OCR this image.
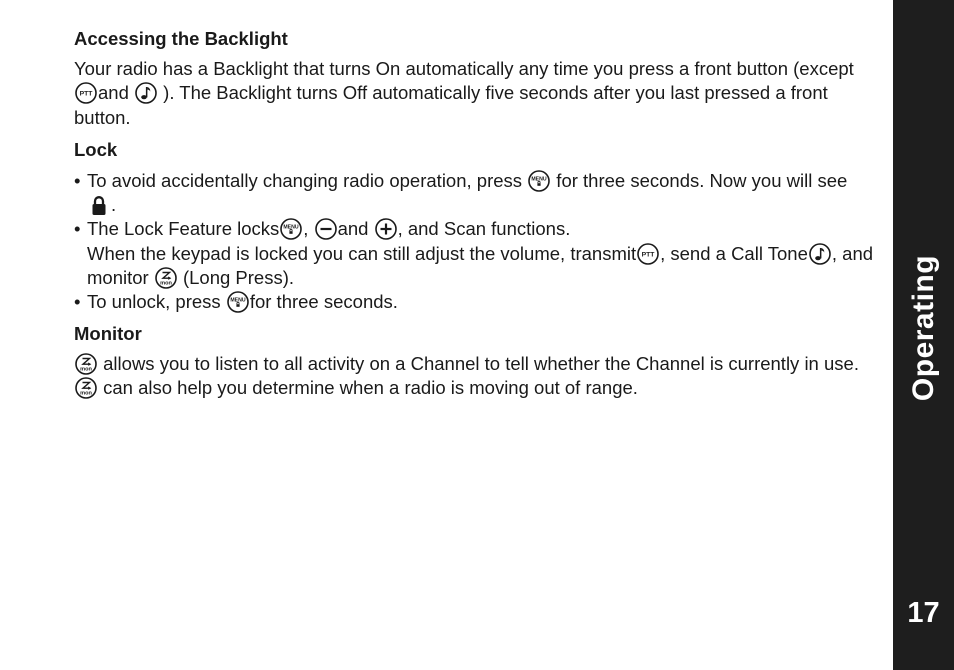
Accessing the Backlight

Your radio has a Backlight that turns On automatically any time you press a front button (except and  ). The Backlight turns Off automatically five seconds after you last pressed a front button.

Lock
• To avoid accidentally changing radio operation, press  for three seconds. Now you will see .
• The Lock Feature locks , and , and Scan functions.
When the keypad is locked you can still adjust the volume, transmit , send a Call Tone , and monitor  (Long Press).
• To unlock, press for three seconds.
Monitor

allows you to listen to all activity on a Channel to tell whether the Channel is currently in use.  can also help you determine when a radio is moving out of range.	Operating
17
